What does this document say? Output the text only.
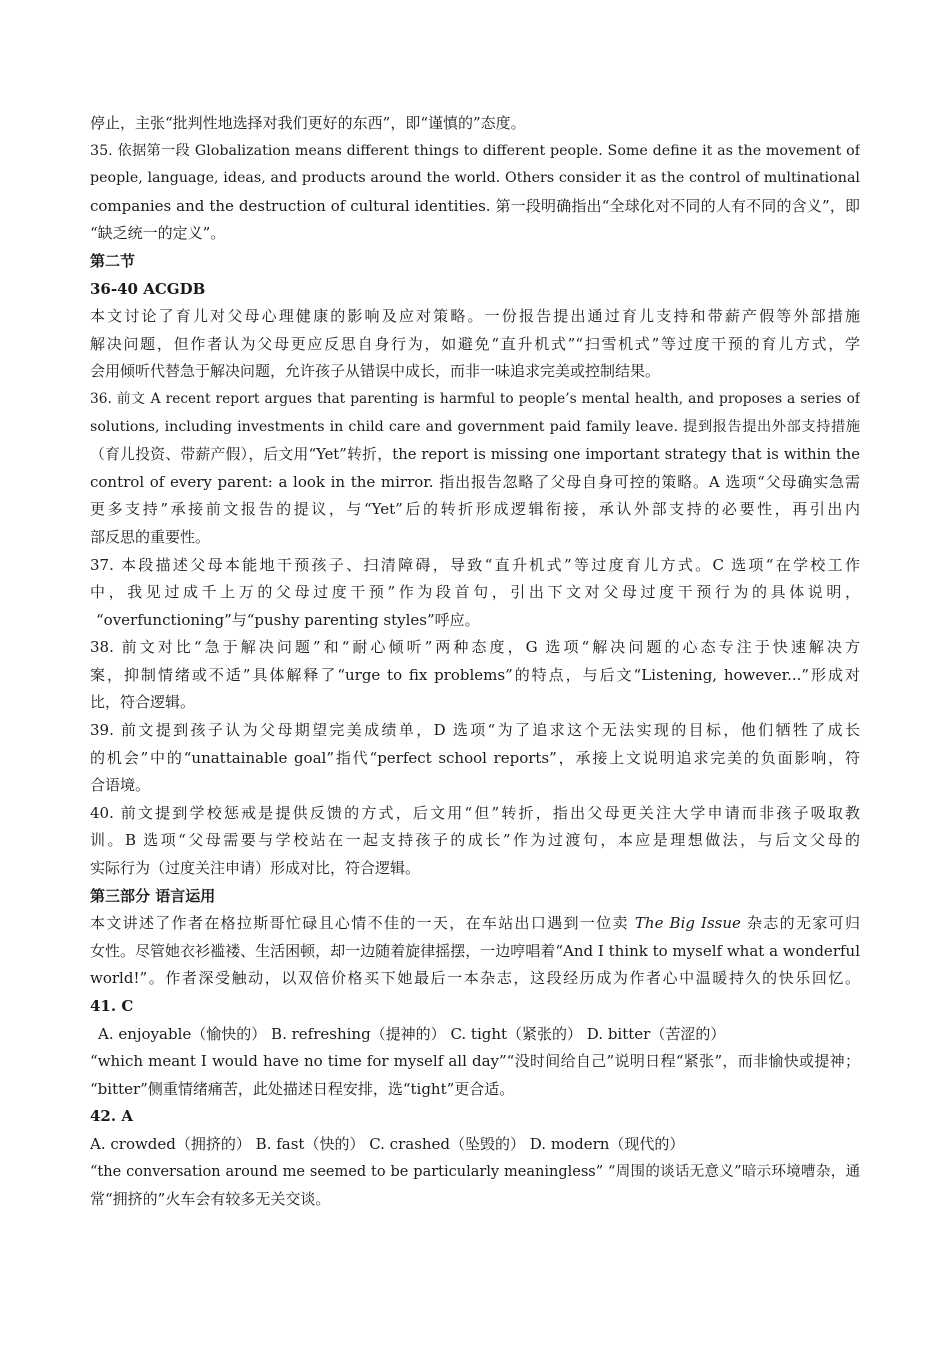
停止，主张“批判性地选择对我们更好的东西”，即“谨慎的”态度。
35. 依据第一段 Globalization means different things to different people. Some define it as the movement of
people, language, ideas, and products around the world. Others consider it as the control of multinational
companies and the destruction of cultural identities. 第一段明确指出“全球化对不同的人有不同的含义”，即
“缺乏统一的定义”。
第二节
36-40 ACGDB
本文讨论了育儿对父母心理健康的影响及应对策略。一份报告提出通过育儿支持和带薪产假等外部措施
解决问题，但作者认为父母更应反思自身行为，如避免“直升机式”“扫雪机式”等过度干预的育儿方式，学
会用倾听代替急于解决问题，允许孩子从错误中成长，而非一味追求完美或控制结果。
36. 前文 A recent report argues that parenting is harmful to people’s mental health, and proposes a series of
solutions, including investments in child care and government paid family leave. 提到报告提出外部支持措施
（育儿投资、带薪产假），后文用“Yet”转折，the report is missing one important strategy that is within the
control of every parent: a look in the mirror. 指出报告忽略了父母自身可控的策略。A 选项“父母确实急需
更多支持”承接前文报告的提议，与“Yet”后的转折形成逻辑衔接，承认外部支持的必要性，再引出内
部反思的重要性。
37. 本段描述父母本能地干预孩子、扫清障碍，导致“直升机式”等过度育儿方式。C 选项“在学校工作
中，我见过成千上万的父母过度干预”作为段首句，引出下文对父母过度干预行为的具体说明，
“overfunctioning”与“pushy parenting styles”呼应。
38. 前文对比“急于解决问题”和“耐心倾听”两种态度，G 选项“解决问题的心态专注于快速解决方
案，抑制情绪或不适”具体解释了“urge to fix problems”的特点，与后文“Listening, however...”形成对
比，符合逻辑。
39. 前文提到孩子认为父母期望完美成绩单，D 选项“为了追求这个无法实现的目标，他们牺牲了成长
的机会”中的“unattainable goal”指代“perfect school reports”，承接上文说明追求完美的负面影响，符
合语境。
40. 前文提到学校惩戒是提供反馈的方式，后文用“但”转折，指出父母更关注大学申请而非孩子吸取教
训。B 选项“父母需要与学校站在一起支持孩子的成长”作为过渡句，本应是理想做法，与后文父母的
实际行为（过度关注申请）形成对比，符合逻辑。
第三部分 语言运用
本文讲述了作者在格拉斯哥忙碌且心情不佳的一天，在车站出口遇到一位卖 The Big Issue 杂志的无家可归
女性。尽管她衣衫褴褛、生活困顿，却一边随着旋律摇摆，一边哼唱着“And I think to myself what a wonderful
world!”。作者深受触动，以双倍价格买下她最后一本杂志，这段经历成为作者心中温暖持久的快乐回忆。
41. C
A. enjoyable（愉快的） B. refreshing（提神的） C. tight（紧张的） D. bitter（苦涩的）
“which meant I would have no time for myself all day”“没时间给自己”说明日程“紧张”，而非愉快或提神；
“bitter”侧重情绪痛苦，此处描述日程安排，选“tight”更合适。
42. A
A. crowded（拥挤的） B. fast（快的） C. crashed（坠毁的） D. modern（现代的）
“the conversation around me seemed to be particularly meaningless” “周围的谈话无意义”暗示环境嘈杂，通
常“拥挤的”火车会有较多无关交谈。
